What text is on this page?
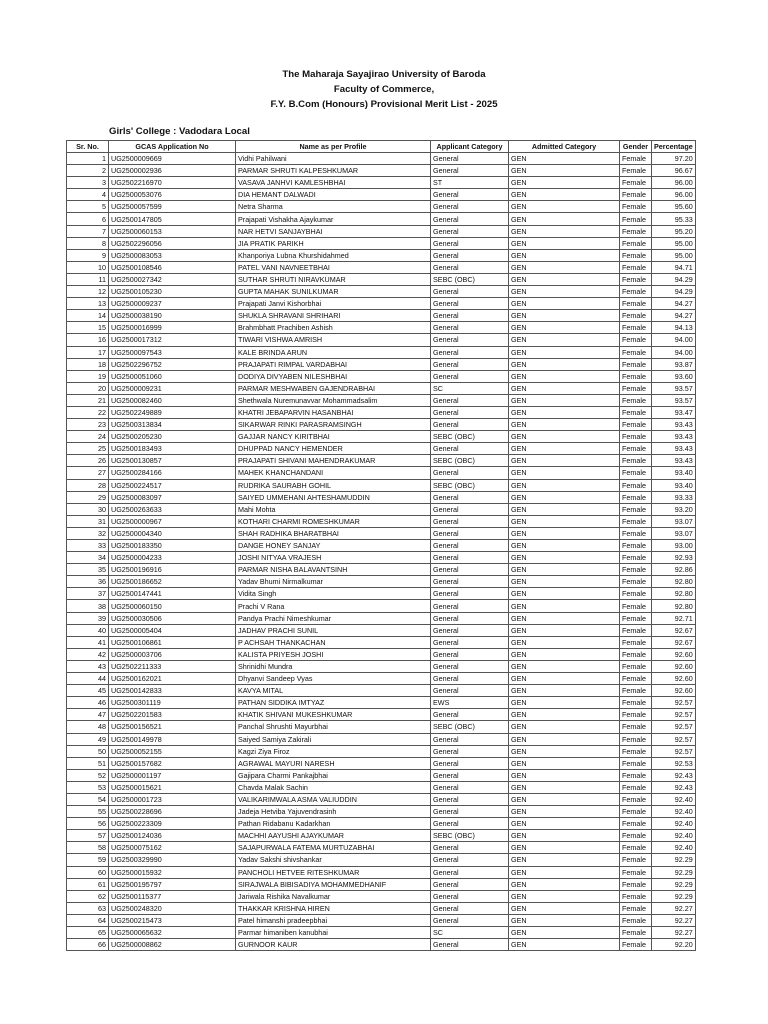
The Maharaja Sayajirao University of Baroda
Faculty of Commerce,
F.Y. B.Com (Honours) Provisional Merit List - 2025
Girls' College : Vadodara Local
Sr. No.	GCAS Application No	Name as per Profile	Applicant Category	Admitted Category	Gender	Percentage
1	UG2500009669	Vidhi Pahilwani	General	GEN	Female	97.20
2	UG2500002936	PARMAR SHRUTI KALPESHKUMAR	General	GEN	Female	96.67
3	UG2502216970	VASAVA JANHVI KAMLESHBHAI	ST	GEN	Female	96.00
4	UG2500053076	DIA HEMANT DALWADI	General	GEN	Female	96.00
5	UG2500057599	Netra Sharma	General	GEN	Female	95.60
6	UG2500147805	Prajapati Vishakha Ajaykumar	General	GEN	Female	95.33
7	UG2500060153	NAR HETVI SANJAYBHAI	General	GEN	Female	95.20
8	UG2502296056	JIA PRATIK PARIKH	General	GEN	Female	95.00
9	UG2500083053	Khanporiya Lubna Khurshidahmed	General	GEN	Female	95.00
10	UG2500108546	PATEL VANI NAVNEETBHAI	General	GEN	Female	94.71
11	UG2500027342	SUTHAR SHRUTI NIRAVKUMAR	SEBC (OBC)	GEN	Female	94.29
12	UG2500105230	GUPTA MAHAK SUNILKUMAR	General	GEN	Female	94.29
13	UG2500009237	Prajapati Janvi Kishorbhai	General	GEN	Female	94.27
14	UG2500038190	SHUKLA SHRAVANI SHRIHARI	General	GEN	Female	94.27
15	UG2500016999	Brahmbhatt Prachiben Ashish	General	GEN	Female	94.13
16	UG2500017312	TIWARI VISHWA AMRISH	General	GEN	Female	94.00
17	UG2500097543	KALE BRINDA ARUN	General	GEN	Female	94.00
18	UG2502296752	PRAJAPATI RIMPAL VARDABHAI	General	GEN	Female	93.87
19	UG2500051060	DODIYA DIVYABEN NILESHBHAI	General	GEN	Female	93.60
20	UG2500009231	PARMAR MESHWABEN GAJENDRABHAI	SC	GEN	Female	93.57
21	UG2500082460	Shethwala Nuremunavvar Mohammadsalim	General	GEN	Female	93.57
22	UG2502249889	KHATRI JEBAPARVIN HASANBHAI	General	GEN	Female	93.47
23	UG2500313834	SIKARWAR RINKI PARASRAMSINGH	General	GEN	Female	93.43
24	UG2500205230	GAJJAR NANCY KIRITBHAI	SEBC (OBC)	GEN	Female	93.43
25	UG2500183493	DHUPPAD NANCY HEMENDER	General	GEN	Female	93.43
26	UG2500130857	PRAJAPATI SHIVANI MAHENDRAKUMAR	SEBC (OBC)	GEN	Female	93.43
27	UG2500284166	MAHEK KHANCHANDANI	General	GEN	Female	93.40
28	UG2500224517	RUDRIKA SAURABH GOHIL	SEBC (OBC)	GEN	Female	93.40
29	UG2500083097	SAIYED UMMEHANI AHTESHAMUDDIN	General	GEN	Female	93.33
30	UG2500263633	Mahi Mohta	General	GEN	Female	93.20
31	UG2500000967	KOTHARI CHARMI ROMESHKUMAR	General	GEN	Female	93.07
32	UG2500004340	SHAH RADHIKA BHARATBHAI	General	GEN	Female	93.07
33	UG2500183350	DANGE HONEY SANJAY	General	GEN	Female	93.00
34	UG2500004233	JOSHI NITYAA VRAJESH	General	GEN	Female	92.93
35	UG2500196916	PARMAR NISHA BALAVANTSINH	General	GEN	Female	92.86
36	UG2500186652	Yadav Bhumi Nirmalkumar	General	GEN	Female	92.80
37	UG2500147441	Vidita Singh	General	GEN	Female	92.80
38	UG2500060150	Prachi V Rana	General	GEN	Female	92.80
39	UG2500030506	Pandya Prachi Nimeshkumar	General	GEN	Female	92.71
40	UG2500005404	JADHAV PRACHI SUNIL	General	GEN	Female	92.67
41	UG2500106861	P ACHSAH THANKACHAN	General	GEN	Female	92.67
42	UG2500003706	KALISTA PRIYESH JOSHI	General	GEN	Female	92.60
43	UG2502211333	Shrinidhi Mundra	General	GEN	Female	92.60
44	UG2500162021	Dhyanvi Sandeep Vyas	General	GEN	Female	92.60
45	UG2500142833	KAVYA MITAL	General	GEN	Female	92.60
46	UG2500301119	PATHAN SIDDIKA IMTYAZ	EWS	GEN	Female	92.57
47	UG2502201583	KHATIK SHIVANI MUKESHKUMAR	General	GEN	Female	92.57
48	UG2500156521	Panchal Shrushti Mayurbhai	SEBC (OBC)	GEN	Female	92.57
49	UG2500149978	Saiyed Samiya Zakirali	General	GEN	Female	92.57
50	UG2500052155	Kagzi Ziya Firoz	General	GEN	Female	92.57
51	UG2500157682	AGRAWAL MAYURI NARESH	General	GEN	Female	92.53
52	UG2500001197	Gajipara Charmi Pankajbhai	General	GEN	Female	92.43
53	UG2500015621	Chavda Malak Sachin	General	GEN	Female	92.43
54	UG2500001723	VALIKARIMWALA ASMA VALIUDDIN	General	GEN	Female	92.40
55	UG2500228696	Jadeja Hetviba Yajuvendrasinh	General	GEN	Female	92.40
56	UG2500223309	Pathan Ridabanu Kadarkhan	General	GEN	Female	92.40
57	UG2500124036	MACHHI AAYUSHI AJAYKUMAR	SEBC (OBC)	GEN	Female	92.40
58	UG2500075162	SAJAPURWALA FATEMA MURTUZABHAI	General	GEN	Female	92.40
59	UG2500329990	Yadav Sakshi shivshankar	General	GEN	Female	92.29
60	UG2500015932	PANCHOLI HETVEE RITESHKUMAR	General	GEN	Female	92.29
61	UG2500195797	SIRAJWALA BIBISADIYA MOHAMMEDHANIF	General	GEN	Female	92.29
62	UG2500115377	Jariwala Rishika Navalkumar	General	GEN	Female	92.29
63	UG2500248320	THAKKAR KRISHNA HIREN	General	GEN	Female	92.27
64	UG2500215473	Patel himanshi pradeepbhai	General	GEN	Female	92.27
65	UG2500065632	Parmar himaniben kanubhai	SC	GEN	Female	92.27
66	UG2500008862	GURNOOR KAUR	General	GEN	Female	92.20
